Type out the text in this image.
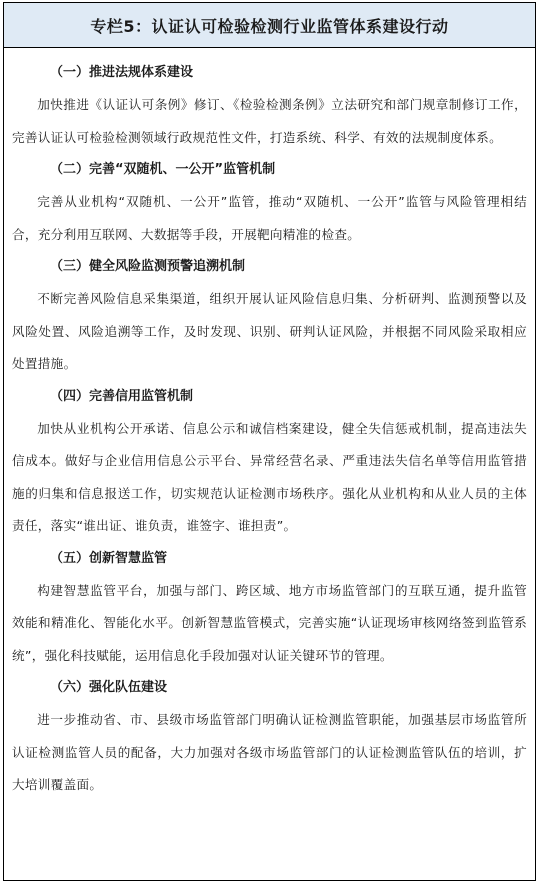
专栏5：认证认可检验检测行业监管体系建设行动

（一）推进法规体系建设

加快推进《认证认可条例》修订、《检验检测条例》立法研究和部门规章制修订工作，完善认证认可检验检测领域行政规范性文件，打造系统、科学、有效的法规制度体系。

（二）完善“双随机、一公开”监管机制

完善从业机构“双随机、一公开”监管，推动“双随机、一公开”监管与风险管理相结合，充分利用互联网、大数据等手段，开展靶向精准的检查。

（三）健全风险监测预警追溯机制

不断完善风险信息采集渠道，组织开展认证风险信息归集、分析研判、监测预警以及风险处置、风险追溯等工作，及时发现、识别、研判认证风险，并根据不同风险采取相应处置措施。

（四）完善信用监管机制

加快从业机构公开承诺、信息公示和诚信档案建设，健全失信惩戒机制，提高违法失信成本。做好与企业信用信息公示平台、异常经营名录、严重违法失信名单等信用监管措施的归集和信息报送工作，切实规范认证检测市场秩序。强化从业机构和从业人员的主体责任，落实“谁出证、谁负责，谁签字、谁担责”。

（五）创新智慧监管

构建智慧监管平台，加强与部门、跨区域、地方市场监管部门的互联互通，提升监管效能和精准化、智能化水平。创新智慧监管模式，完善实施“认证现场审核网络签到监管系统”，强化科技赋能，运用信息化手段加强对认证关键环节的管理。

（六）强化队伍建设

进一步推动省、市、县级市场监管部门明确认证检测监管职能，加强基层市场监管所认证检测监管人员的配备，大力加强对各级市场监管部门的认证检测监管队伍的培训，扩大培训覆盖面。
